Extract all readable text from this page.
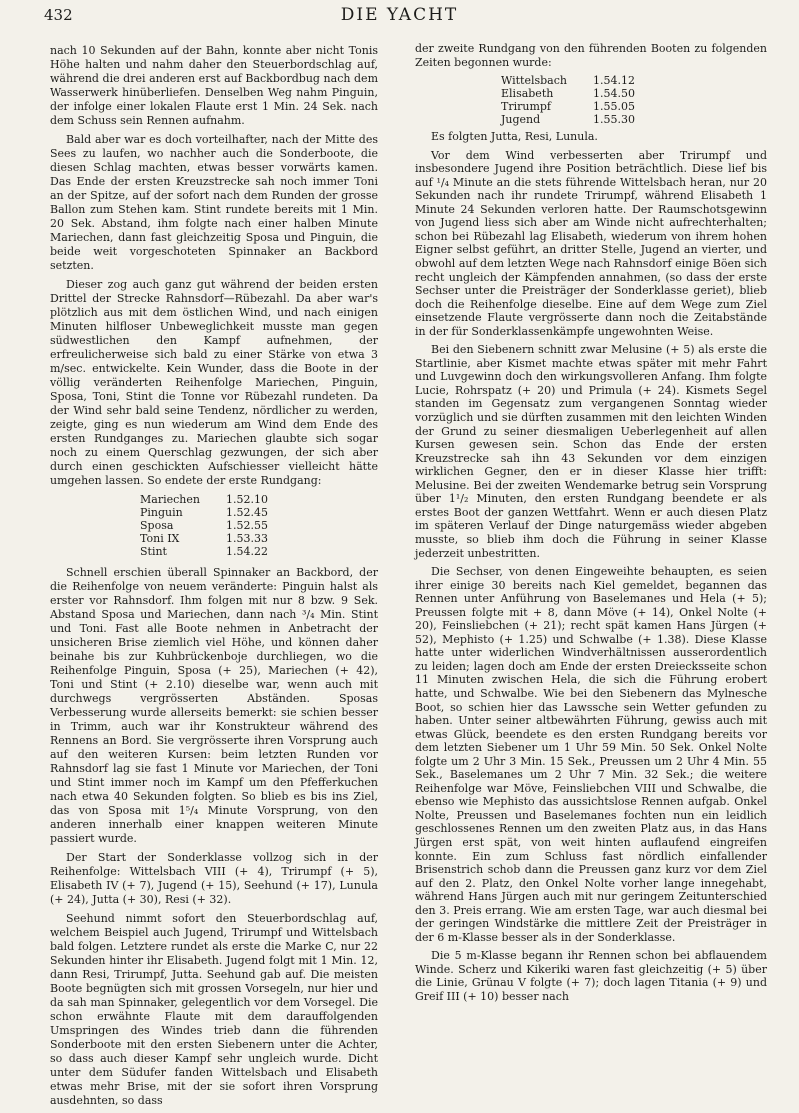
432	DIE YACHT

nach 10 Sekunden auf der Bahn, konnte aber nicht Tonis Höhe halten und nahm daher den Steuerbordschlag auf, während die drei anderen erst auf Backbordbug nach dem Wasserwerk hinüberliefen. Denselben Weg nahm Pinguin, der infolge einer lokalen Flaute erst 1 Min. 24 Sek. nach dem Schuss sein Rennen aufnahm.

Bald aber war es doch vorteilhafter, nach der Mitte des Sees zu laufen, wo nachher auch die Sonderboote, die diesen Schlag machten, etwas besser vorwärts kamen. Das Ende der ersten Kreuzstrecke sah noch immer Toni an der Spitze, auf der sofort nach dem Runden der grosse Ballon zum Stehen kam. Stint rundete bereits mit 1 Min. 20 Sek. Abstand, ihm folgte nach einer halben Minute Mariechen, dann fast gleichzeitig Sposa und Pinguin, die beide weit vorgeschoteten Spinnaker an Backbord setzten.

Dieser zog auch ganz gut während der beiden ersten Drittel der Strecke Rahnsdorf—Rübezahl. Da aber war's plötzlich aus mit dem östlichen Wind, und nach einigen Minuten hilfloser Unbeweglichkeit musste man gegen südwestlichen den Kampf aufnehmen, der erfreulicherweise sich bald zu einer Stärke von etwa 3 m/sec. entwickelte. Kein Wunder, dass die Boote in der völlig veränderten Reihenfolge Mariechen, Pinguin, Sposa, Toni, Stint die Tonne vor Rübezahl rundeten. Da der Wind sehr bald seine Tendenz, nördlicher zu werden, zeigte, ging es nun wiederum am Wind dem Ende des ersten Rundganges zu. Mariechen glaubte sich sogar noch zu einem Querschlag gezwungen, der sich aber durch einen geschickten Aufschiesser vielleicht hätte umgehen lassen. So endete der erste Rundgang:

Mariechen	1.52.10
Pinguin	1.52.45
Sposa	1.52.55
Toni IX	1.53.33
Stint	1.54.22

Schnell erschien überall Spinnaker an Backbord, der die Reihenfolge von neuem veränderte: Pinguin halst als erster vor Rahnsdorf. Ihm folgen mit nur 8 bzw. 9 Sek. Abstand Sposa und Mariechen, dann nach ³/₄ Min. Stint und Toni. Fast alle Boote nehmen in Anbetracht der unsicheren Brise ziemlich viel Höhe, und können daher beinahe bis zur Kuhbrückenboje durchliegen, wo die Reihenfolge Pinguin, Sposa (+ 25), Mariechen (+ 42), Toni und Stint (+ 2.10) dieselbe war, wenn auch mit durchwegs vergrösserten Abständen. Sposas Verbesserung wurde allerseits bemerkt: sie schien besser in Trimm, auch war ihr Konstrukteur während des Rennens an Bord. Sie vergrösserte ihren Vorsprung auch auf den weiteren Kursen: beim letzten Runden vor Rahnsdorf lag sie fast 1 Minute vor Mariechen, der Toni und Stint immer noch im Kampf um den Pfefferkuchen nach etwa 40 Sekunden folgten. So blieb es bis ins Ziel, das von Sposa mit 1⁵/₄ Minute Vorsprung, von den anderen innerhalb einer knappen weiteren Minute passiert wurde.

Der Start der Sonderklasse vollzog sich in der Reihenfolge: Wittelsbach VIII (+ 4), Trirumpf (+ 5), Elisabeth IV (+ 7), Jugend (+ 15), Seehund (+ 17), Lunula (+ 24), Jutta (+ 30), Resi (+ 32).

Seehund nimmt sofort den Steuerbordschlag auf, welchem Beispiel auch Jugend, Trirumpf und Wittelsbach bald folgen. Letztere rundet als erste die Marke C, nur 22 Sekunden hinter ihr Elisabeth. Jugend folgt mit 1 Min. 12, dann Resi, Trirumpf, Jutta. Seehund gab auf. Die meisten Boote begnügten sich mit grossen Vorsegeln, nur hier und da sah man Spinnaker, gelegentlich vor dem Vorsegel. Die schon erwähnte Flaute mit dem darauffolgenden Umspringen des Windes trieb dann die führenden Sonderboote mit den ersten Siebenern unter die Achter, so dass auch dieser Kampf sehr ungleich wurde. Dicht unter dem Südufer fanden Wittelsbach und Elisabeth etwas mehr Brise, mit der sie sofort ihren Vorsprung ausdehnten, so dass

der zweite Rundgang von den führenden Booten zu folgenden Zeiten begonnen wurde:

Wittelsbach	1.54.12
Elisabeth	1.54.50
Trirumpf	1.55.05
Jugend	1.55.30

Es folgten Jutta, Resi, Lunula.

Vor dem Wind verbesserten aber Trirumpf und insbesondere Jugend ihre Position beträchtlich. Diese lief bis auf ¹/₄ Minute an die stets führende Wittelsbach heran, nur 20 Sekunden nach ihr rundete Trirumpf, während Elisabeth 1 Minute 24 Sekunden verloren hatte. Der Raumschotsgewinn von Jugend liess sich aber am Winde nicht aufrechterhalten; schon bei Rübezahl lag Elisabeth, wiederum von ihrem hohen Eigner selbst geführt, an dritter Stelle, Jugend an vierter, und obwohl auf dem letzten Wege nach Rahnsdorf einige Böen sich recht ungleich der Kämpfenden annahmen, (so dass der erste Sechser unter die Preisträger der Sonderklasse geriet), blieb doch die Reihenfolge dieselbe. Eine auf dem Wege zum Ziel einsetzende Flaute vergrösserte dann noch die Zeitabstände in der für Sonderklassenkämpfe ungewohnten Weise.

Bei den Siebenern schnitt zwar Melusine (+ 5) als erste die Startlinie, aber Kismet machte etwas später mit mehr Fahrt und Luvgewinn doch den wirkungsvolleren Anfang. Ihm folgte Lucie, Rohrspatz (+ 20) und Primula (+ 24). Kismets Segel standen im Gegensatz zum vergangenen Sonntag wieder vorzüglich und sie dürften zusammen mit den leichten Winden der Grund zu seiner diesmaligen Ueberlegenheit auf allen Kursen gewesen sein. Schon das Ende der ersten Kreuzstrecke sah ihn 43 Sekunden vor dem einzigen wirklichen Gegner, den er in dieser Klasse hier trifft: Melusine. Bei der zweiten Wendemarke betrug sein Vorsprung über 1¹/₂ Minuten, den ersten Rundgang beendete er als erstes Boot der ganzen Wettfahrt. Wenn er auch diesen Platz im späteren Verlauf der Dinge naturgemäss wieder abgeben musste, so blieb ihm doch die Führung in seiner Klasse jederzeit unbestritten.

Die Sechser, von denen Eingeweihte behaupten, es seien ihrer einige 30 bereits nach Kiel gemeldet, begannen das Rennen unter Anführung von Baselemanes und Hela (+ 5); Preussen folgte mit + 8, dann Möve (+ 14), Onkel Nolte (+ 20), Feinsliebchen (+ 21); recht spät kamen Hans Jürgen (+ 52), Mephisto (+ 1.25) und Schwalbe (+ 1.38). Diese Klasse hatte unter widerlichen Windverhältnissen ausserordentlich zu leiden; lagen doch am Ende der ersten Dreiecksseite schon 11 Minuten zwischen Hela, die sich die Führung erobert hatte, und Schwalbe. Wie bei den Siebenern das Mylnesche Boot, so schien hier das Lawssche sein Wetter gefunden zu haben. Unter seiner altbewährten Führung, gewiss auch mit etwas Glück, beendete es den ersten Rundgang bereits vor dem letzten Siebener um 1 Uhr 59 Min. 50 Sek. Onkel Nolte folgte um 2 Uhr 3 Min. 15 Sek., Preussen um 2 Uhr 4 Min. 55 Sek., Baselemanes um 2 Uhr 7 Min. 32 Sek.; die weitere Reihenfolge war Möve, Feinsliebchen VIII und Schwalbe, die ebenso wie Mephisto das aussichtslose Rennen aufgab. Onkel Nolte, Preussen und Baselemanes fochten nun ein leidlich geschlossenes Rennen um den zweiten Platz aus, in das Hans Jürgen erst spät, von weit hinten auflaufend eingreifen konnte. Ein zum Schluss fast nördlich einfallender Brisenstrich schob dann die Preussen ganz kurz vor dem Ziel auf den 2. Platz, den Onkel Nolte vorher lange innegehabt, während Hans Jürgen auch mit nur geringem Zeitunterschied den 3. Preis errang. Wie am ersten Tage, war auch diesmal bei der geringen Windstärke die mittlere Zeit der Preisträger in der 6 m-Klasse besser als in der Sonderklasse.

Die 5 m-Klasse begann ihr Rennen schon bei abflauendem Winde. Scherz und Kikeriki waren fast gleichzeitig (+ 5) über die Linie, Grünau V folgte (+ 7); doch lagen Titania (+ 9) und Greif III (+ 10) besser nach
